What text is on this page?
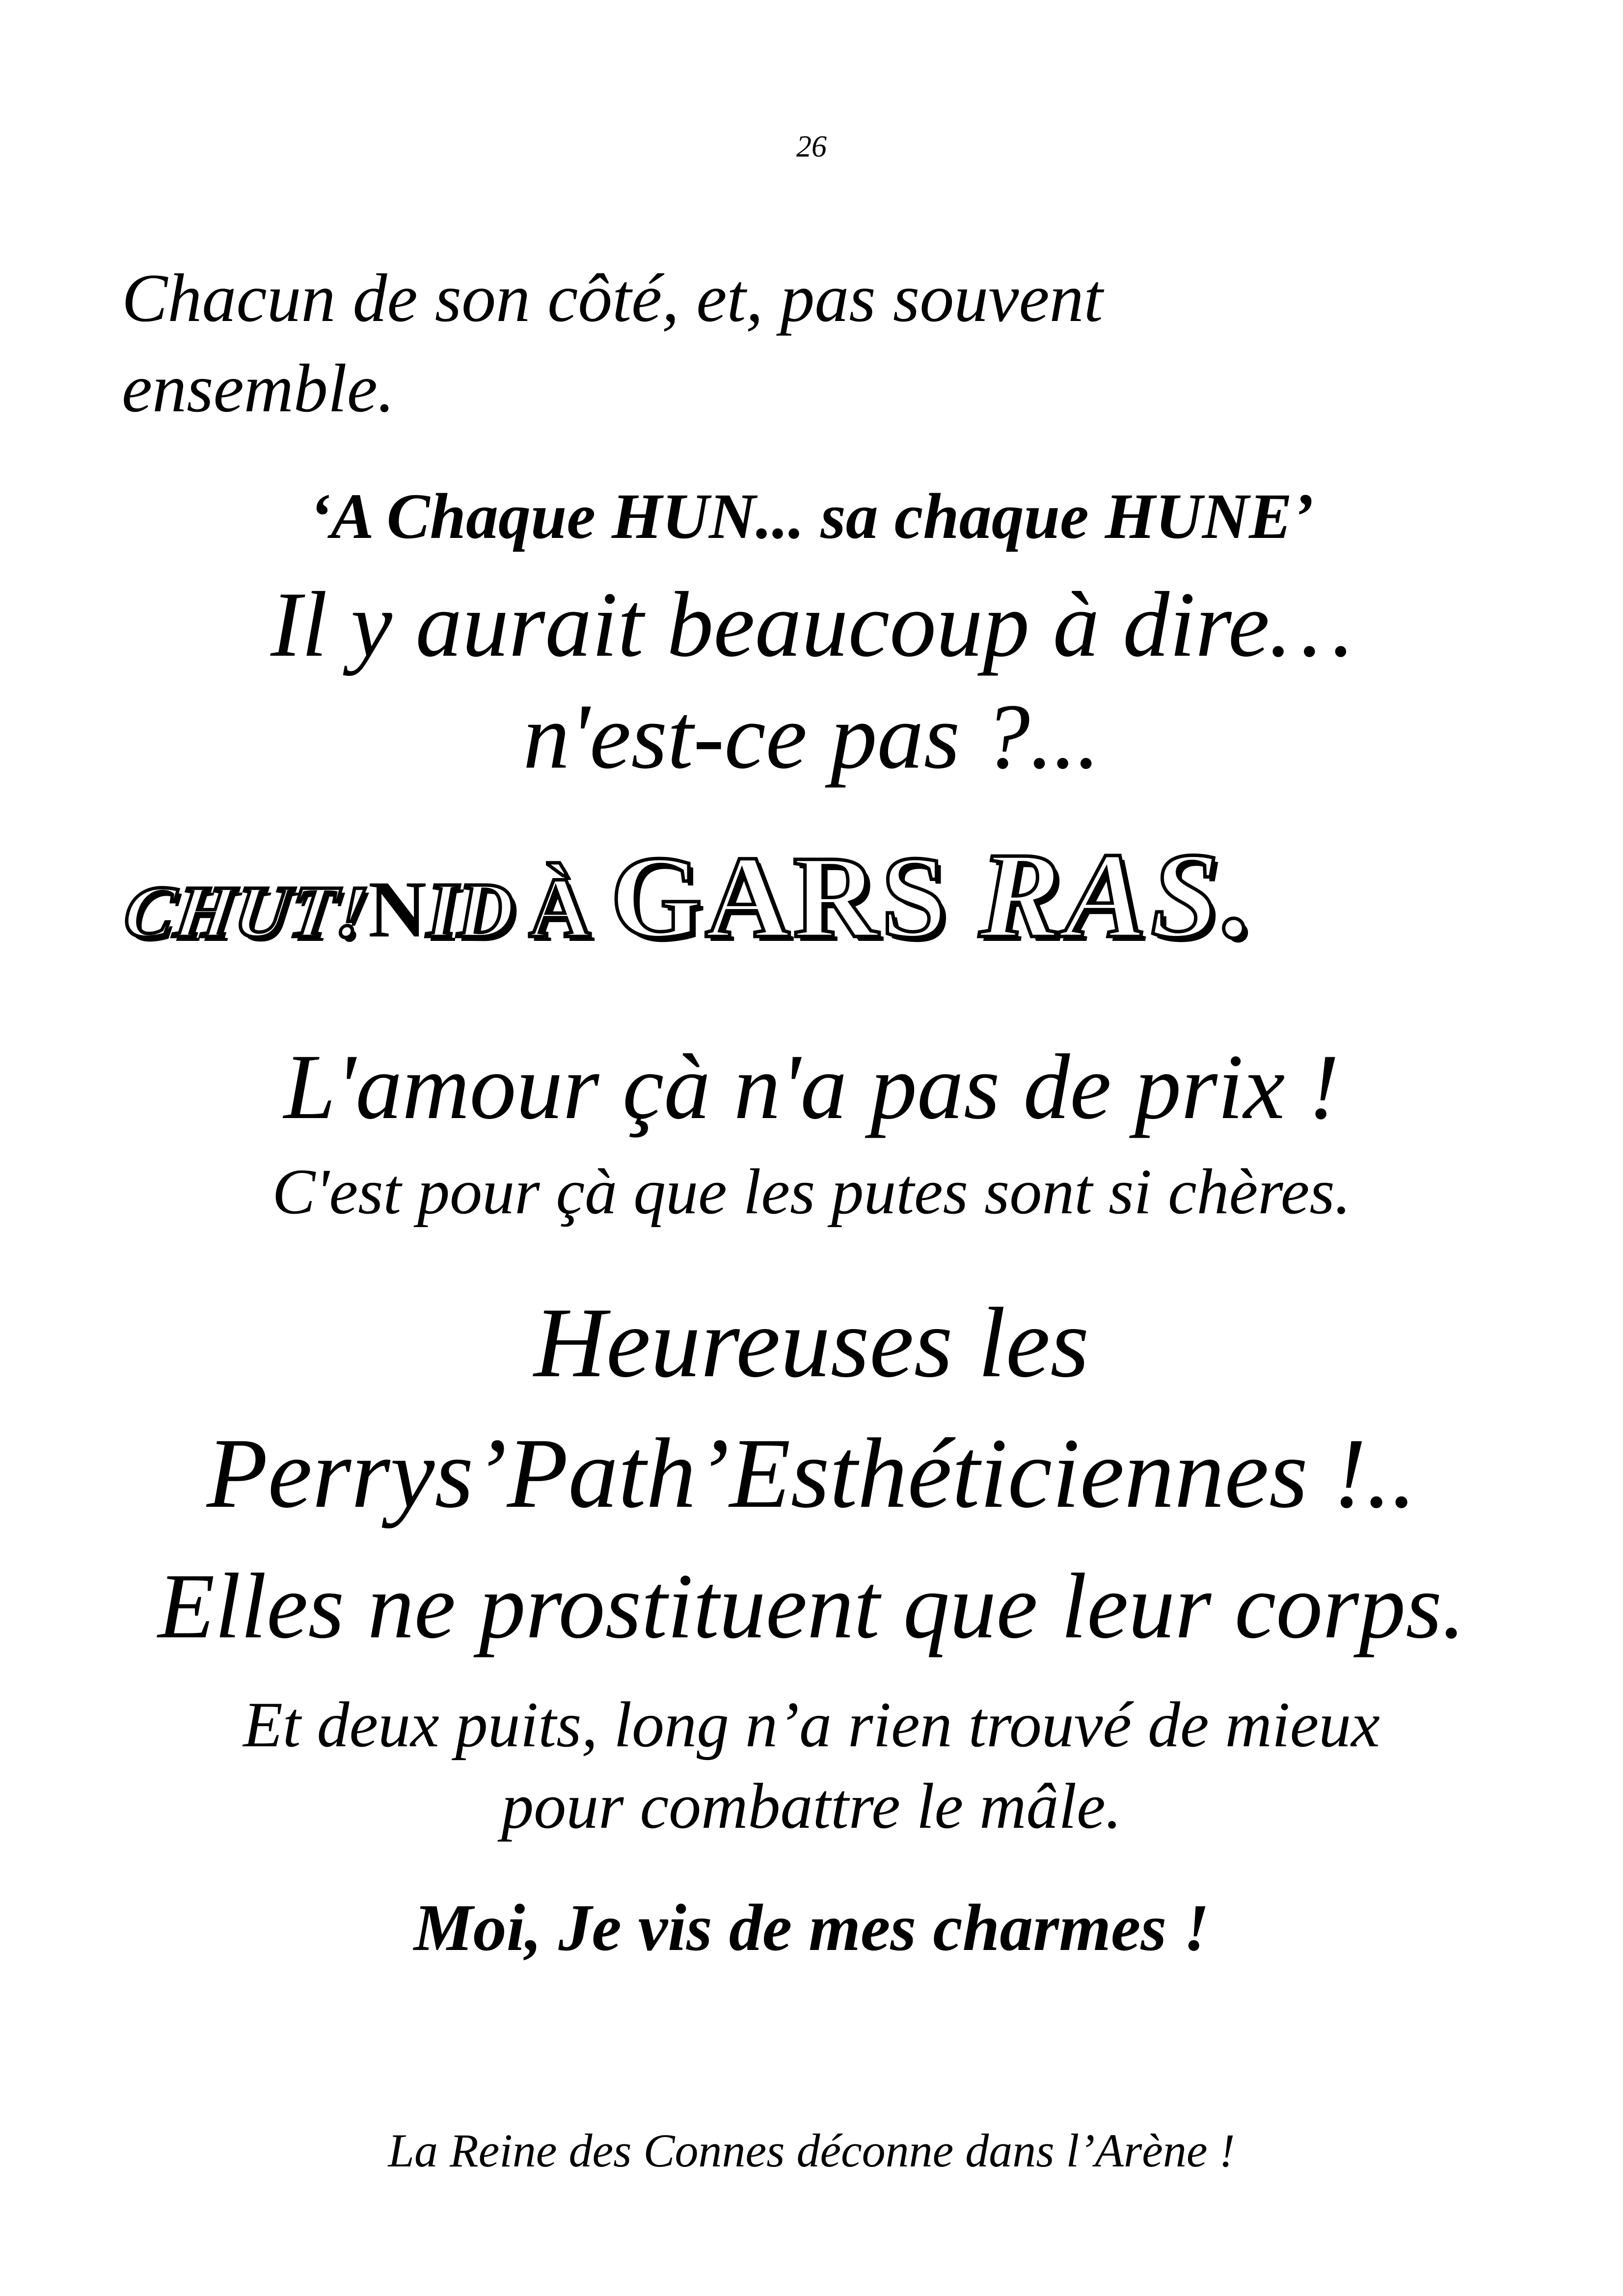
26
Chacun de son côté, et, pas souvent
ensemble.
‘A Chaque HUN... sa chaque HUNE’
Il y aurait beaucoup à dire…
n'est-ce pas ?...
CHUT!NID À GARS RAS.
L'amour çà n'a pas de prix !
C'est pour çà que les putes sont si chères.
Heureuses les
Perrys’Path’Esthéticiennes !..
Elles ne prostituent que leur corps.
Et deux puits, long n’a rien trouvé de mieux
pour combattre le mâle.
Moi, Je vis de mes charmes !
La Reine des Connes déconne dans l’Arène !
